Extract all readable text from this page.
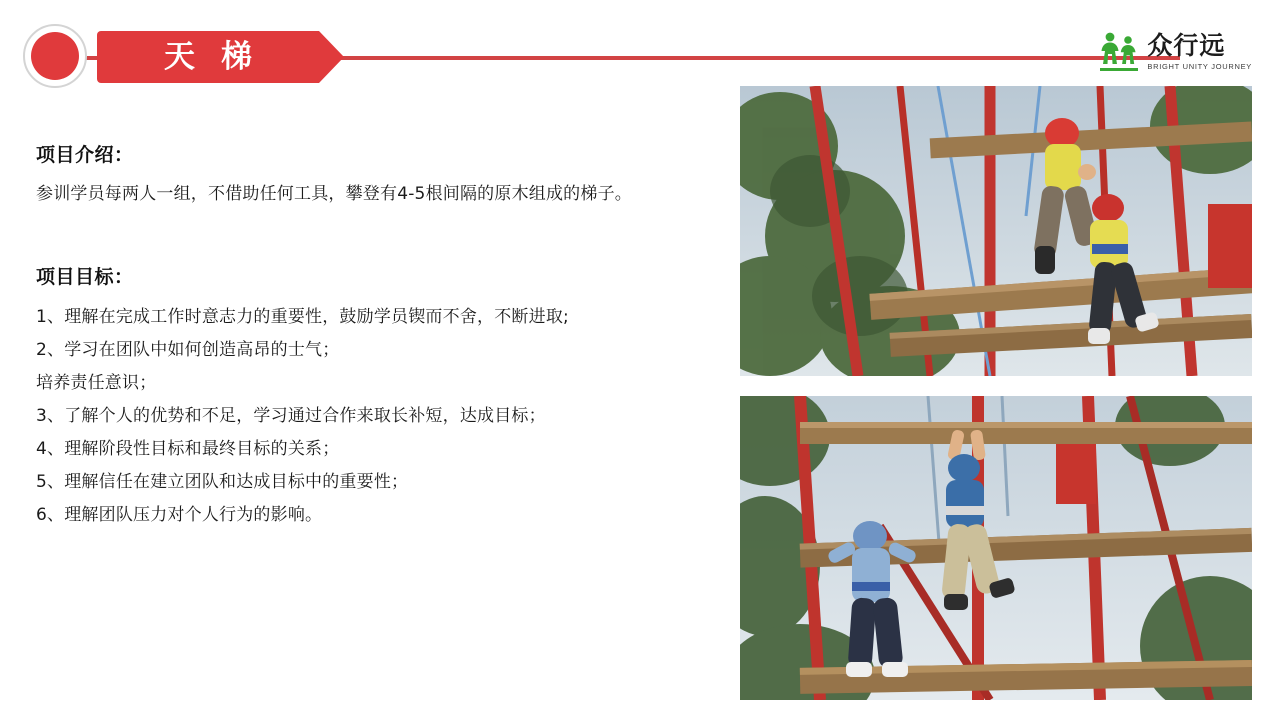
天梯	众行远
BRIGHT UNITY JOURNEY
项目介绍：

参训学员每两人一组，不借助任何工具，攀登有4-5根间隔的原木组成的梯子。

项目目标：

1、理解在完成工作时意志力的重要性，鼓励学员锲而不舍，不断进取;

2、学习在团队中如何创造高昂的士气；

培养责任意识；

3、了解个人的优势和不足，学习通过合作来取长补短，达成目标；

4、理解阶段性目标和最终目标的关系；

5、理解信任在建立团队和达成目标中的重要性；

6、理解团队压力对个人行为的影响。
